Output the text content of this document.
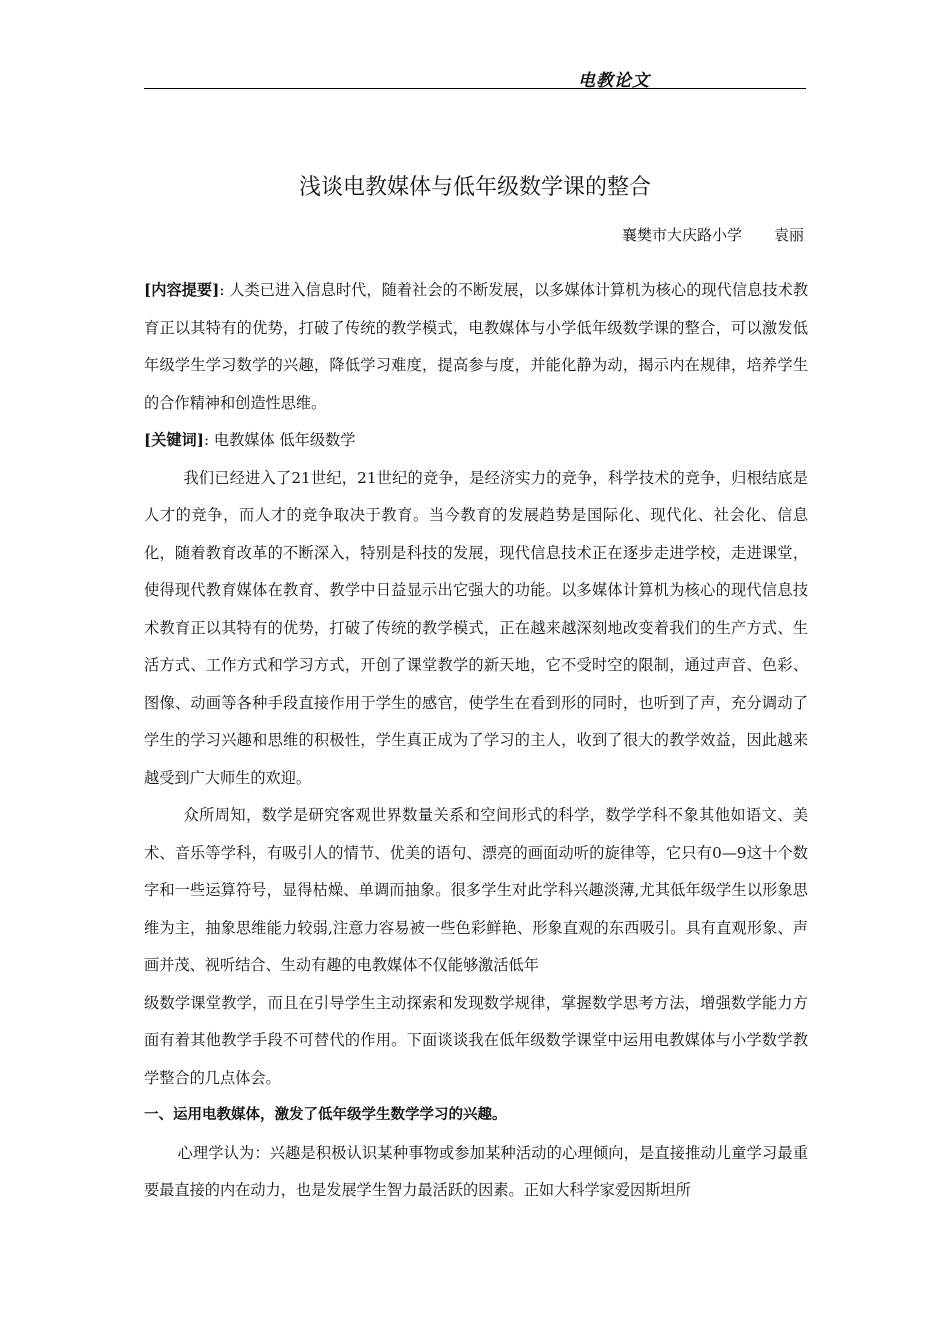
电教论文
浅谈电教媒体与低年级数学课的整合
襄樊市大庆路小学 袁丽

[内容提要]: 人类已进入信息时代，随着社会的不断发展，以多媒体计算机为核心的现代信息技术教育正以其特有的优势，打破了传统的教学模式，电教媒体与小学低年级数学课的整合，可以激发低年级学生学习数学的兴趣，降低学习难度，提高参与度，并能化静为动，揭示内在规律，培养学生的合作精神和创造性思维。

[关键词]: 电教媒体 低年级数学

我们已经进入了21世纪，21世纪的竞争，是经济实力的竞争，科学技术的竞争，归根结底是人才的竞争，而人才的竞争取决于教育。当今教育的发展趋势是国际化、现代化、社会化、信息化，随着教育改革的不断深入，特别是科技的发展，现代信息技术正在逐步走进学校，走进课堂，使得现代教育媒体在教育、教学中日益显示出它强大的功能。以多媒体计算机为核心的现代信息技术教育正以其特有的优势，打破了传统的教学模式，正在越来越深刻地改变着我们的生产方式、生活方式、工作方式和学习方式，开创了课堂教学的新天地，它不受时空的限制，通过声音、色彩、图像、动画等各种手段直接作用于学生的感官，使学生在看到形的同时，也听到了声，充分调动了学生的学习兴趣和思维的积极性，学生真正成为了学习的主人，收到了很大的教学效益，因此越来越受到广大师生的欢迎。

众所周知，数学是研究客观世界数量关系和空间形式的科学，数学学科不象其他如语文、美术、音乐等学科，有吸引人的情节、优美的语句、漂亮的画面动听的旋律等，它只有0—9这十个数字和一些运算符号，显得枯燥、单调而抽象。很多学生对此学科兴趣淡薄,尤其低年级学生以形象思维为主，抽象思维能力较弱,注意力容易被一些色彩鲜艳、形象直观的东西吸引。具有直观形象、声画并茂、视听结合、生动有趣的电教媒体不仅能够激活低年

级数学课堂教学，而且在引导学生主动探索和发现数学规律，掌握数学思考方法，增强数学能力方面有着其他教学手段不可替代的作用。下面谈谈我在低年级数学课堂中运用电教媒体与小学数学教学整合的几点体会。

一、运用电教媒体，激发了低年级学生数学学习的兴趣。

心理学认为：兴趣是积极认识某种事物或参加某种活动的心理倾向，是直接推动儿童学习最重要最直接的内在动力，也是发展学生智力最活跃的因素。正如大科学家爱因斯坦所
